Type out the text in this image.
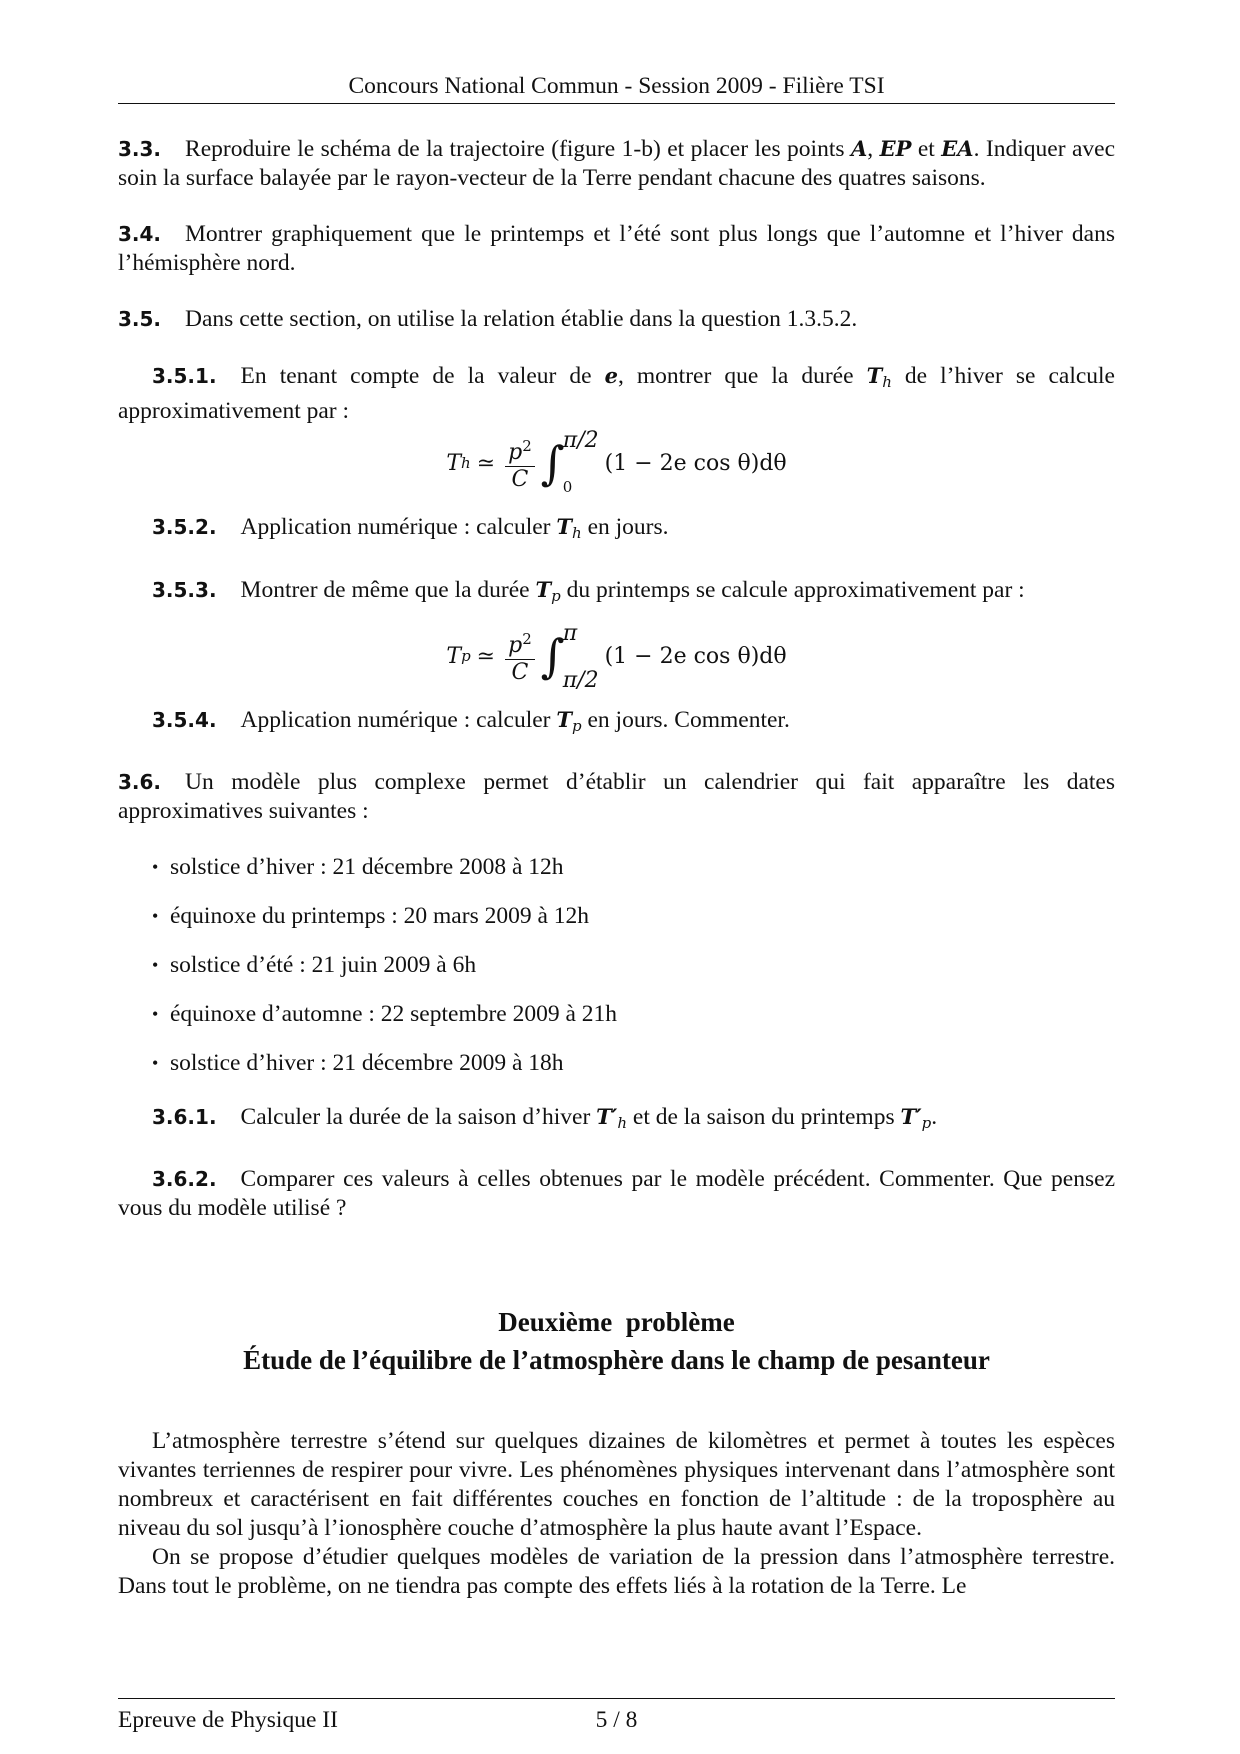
Concours National Commun - Session 2009 - Filière TSI

3.3. Reproduire le schéma de la trajectoire (figure 1-b) et placer les points A, EP et EA. Indiquer avec soin la surface balayée par le rayon-vecteur de la Terre pendant chacune des quatres saisons.

3.4. Montrer graphiquement que le printemps et l’été sont plus longs que l’automne et l’hiver dans l’hémisphère nord.

3.5. Dans cette section, on utilise la relation établie dans la question 1.3.5.2.

3.5.1. En tenant compte de la valeur de e, montrer que la durée $T_h$ de l’hiver se calcule approximativement par :

T h ≃ $\frac{p^2}{C}$ ∫
π/2
0
(1 − 2e cos θ)dθ

3.5.2. Application numérique : calculer $T_h$ en jours.

3.5.3. Montrer de même que la durée $T_p$ du printemps se calcule approximativement par :

T p ≃ $\frac{p^2}{C}$ ∫
π
π/2
(1 − 2e cos θ)dθ

3.5.4. Application numérique : calculer $T_p$ en jours. Commenter.

3.6. Un modèle plus complexe permet d’établir un calendrier qui fait apparaître les dates approximatives suivantes :

• solstice d’hiver : 21 décembre 2008 à 12h
• équinoxe du printemps : 20 mars 2009 à 12h
• solstice d’été : 21 juin 2009 à 6h
• équinoxe d’automne : 22 septembre 2009 à 21h
• solstice d’hiver : 21 décembre 2009 à 18h

3.6.1. Calculer la durée de la saison d’hiver $T'_h$ et de la saison du printemps $T'_p$.

3.6.2. Comparer ces valeurs à celles obtenues par le modèle précédent. Commenter. Que pensez vous du modèle utilisé ?

Deuxième  problème
Étude de l’équilibre de l’atmosphère dans le champ de pesanteur

L’atmosphère terrestre s’étend sur quelques dizaines de kilomètres et permet à toutes les espèces vivantes terriennes de respirer pour vivre. Les phénomènes physiques intervenant dans l’atmosphère sont nombreux et caractérisent en fait différentes couches en fonction de l’altitude : de la troposphère au niveau du sol jusqu’à l’ionosphère couche d’atmosphère la plus haute avant l’Espace.

On se propose d’étudier quelques modèles de variation de la pression dans l’atmosphère terrestre. Dans tout le problème, on ne tiendra pas compte des effets liés à la rotation de la Terre. Le

Epreuve de Physique II	5 / 8
